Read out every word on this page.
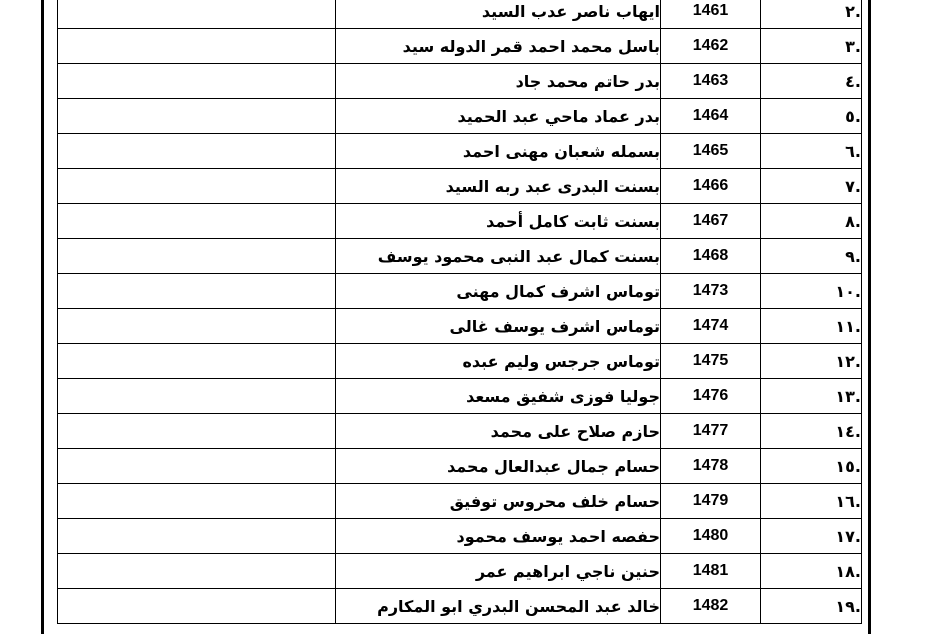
.٢	1461	ايهاب ناصر عدب السيد	
.٣	1462	باسل محمد احمد قمر الدوله سيد	
.٤	1463	بدر حاتم محمد جاد	
.٥	1464	بدر عماد ماحي عبد الحميد	
.٦	1465	بسمله شعبان مهنى احمد	
.٧	1466	بسنت البدرى عبد ربه السيد	
.٨	1467	بسنت ثابت كامل أحمد	
.٩	1468	بسنت كمال عبد النبى محمود يوسف	
.١٠	1473	توماس اشرف كمال مهنى	
.١١	1474	توماس اشرف يوسف غالى	
.١٢	1475	توماس جرجس وليم عبده	
.١٣	1476	جوليا فوزى شفيق مسعد	
.١٤	1477	حازم صلاح على محمد	
.١٥	1478	حسام جمال عبدالعال محمد	
.١٦	1479	حسام خلف محروس توفيق	
.١٧	1480	حفصه احمد يوسف محمود	
.١٨	1481	حنين ناجي ابراهيم عمر	
.١٩	1482	خالد عبد المحسن البدري ابو المكارم	
